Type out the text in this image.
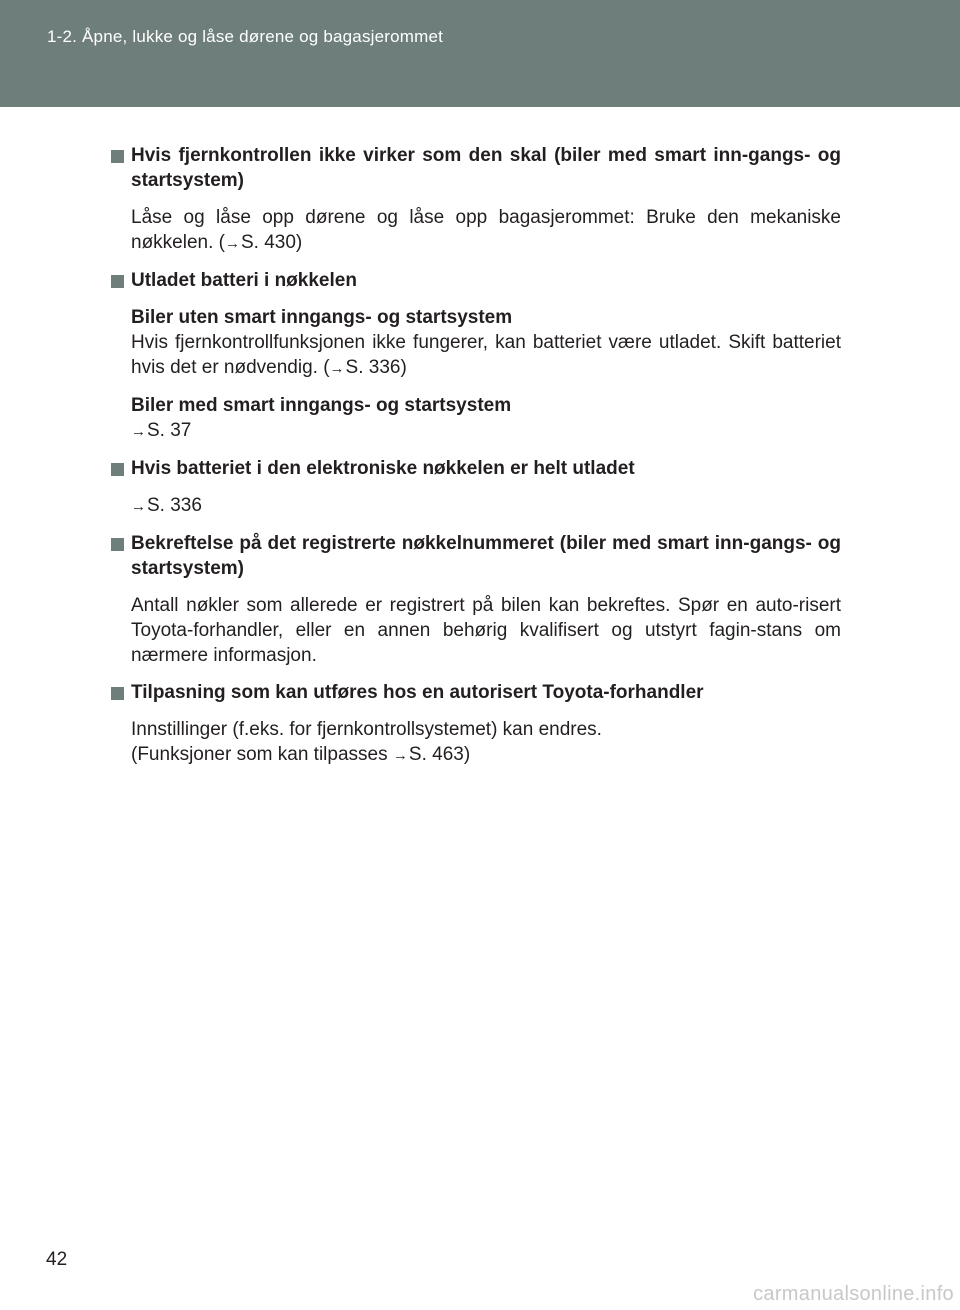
1-2. Åpne, lukke og låse dørene og bagasjerommet
Hvis fjernkontrollen ikke virker som den skal (biler med smart inn-gangs- og startsystem)
Låse og låse opp dørene og låse opp bagasjerommet: Bruke den mekaniske nøkkelen. (→S. 430)
Utladet batteri i nøkkelen
Biler uten smart inngangs- og startsystem
Hvis fjernkontrollfunksjonen ikke fungerer, kan batteriet være utladet. Skift batteriet hvis det er nødvendig. (→S. 336)
Biler med smart inngangs- og startsystem
→S. 37
Hvis batteriet i den elektroniske nøkkelen er helt utladet
→S. 336
Bekreftelse på det registrerte nøkkelnummeret (biler med smart inn-gangs- og startsystem)
Antall nøkler som allerede er registrert på bilen kan bekreftes. Spør en auto-risert Toyota-forhandler, eller en annen behørig kvalifisert og utstyrt fagin-stans om nærmere informasjon.
Tilpasning som kan utføres hos en autorisert Toyota-forhandler
Innstillinger (f.eks. for fjernkontrollsystemet) kan endres.
(Funksjoner som kan tilpasses →S. 463)
42
carmanualsonline.info
